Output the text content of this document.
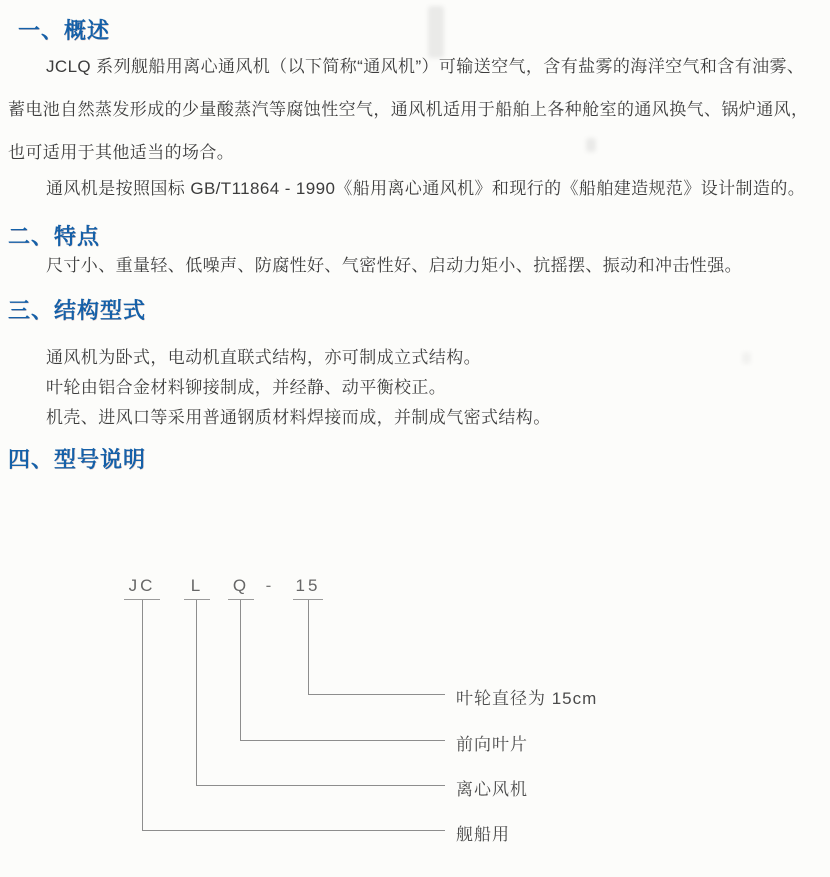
一、概述

JCLQ 系列舰船用离心通风机（以下简称“通风机”）可输送空气，含有盐雾的海洋空气和含有油雾、蓄电池自然蒸发形成的少量酸蒸汽等腐蚀性空气，通风机适用于船舶上各种舱室的通风换气、锅炉通风，也可适用于其他适当的场合。

通风机是按照国标 GB/T11864 - 1990《船用离心通风机》和现行的《船舶建造规范》设计制造的。

二、特点

尺寸小、重量轻、低噪声、防腐性好、气密性好、启动力矩小、抗摇摆、振动和冲击性强。

三、结构型式

通风机为卧式，电动机直联式结构，亦可制成立式结构。

叶轮由铝合金材料铆接制成，并经静、动平衡校正。

机壳、进风口等采用普通钢质材料焊接而成，并制成气密式结构。

四、型号说明
JC	L	Q - 15
叶轮直径为 15cm
前向叶片
离心风机
舰船用
